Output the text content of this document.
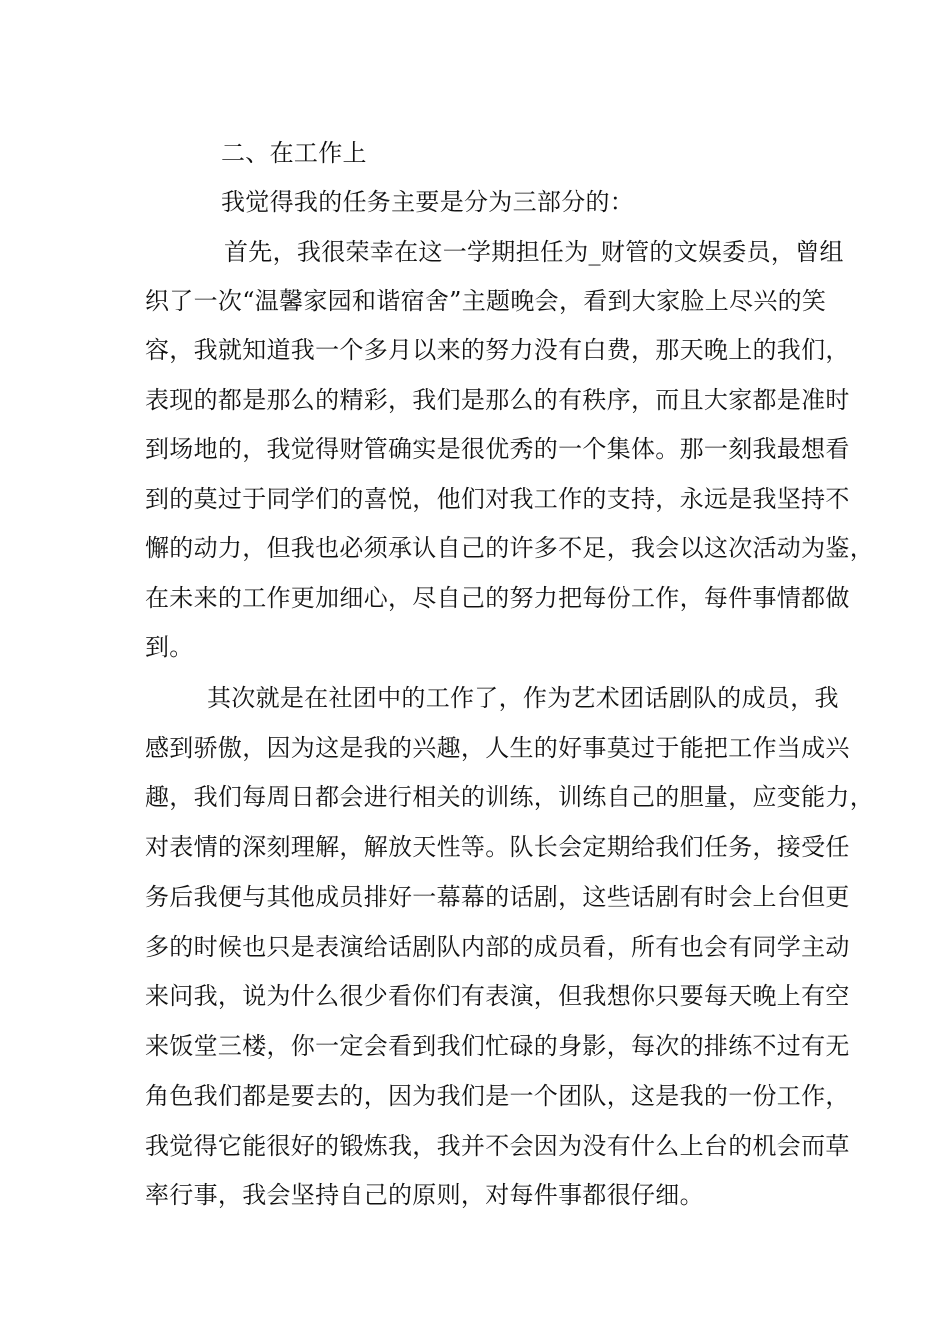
二、在工作上
我觉得我的任务主要是分为三部分的：
首先，我很荣幸在这一学期担任为_财管的文娱委员，曾组
织了一次“温馨家园和谐宿舍”主题晚会，看到大家脸上尽兴的笑
容，我就知道我一个多月以来的努力没有白费，那天晚上的我们，
表现的都是那么的精彩，我们是那么的有秩序，而且大家都是准时
到场地的，我觉得财管确实是很优秀的一个集体。那一刻我最想看
到的莫过于同学们的喜悦，他们对我工作的支持，永远是我坚持不
懈的动力，但我也必须承认自己的许多不足，我会以这次活动为鉴，
在未来的工作更加细心，尽自己的努力把每份工作，每件事情都做
到。
其次就是在社团中的工作了，作为艺术团话剧队的成员，我
感到骄傲，因为这是我的兴趣，人生的好事莫过于能把工作当成兴
趣，我们每周日都会进行相关的训练，训练自己的胆量，应变能力，
对表情的深刻理解，解放天性等。队长会定期给我们任务，接受任
务后我便与其他成员排好一幕幕的话剧，这些话剧有时会上台但更
多的时候也只是表演给话剧队内部的成员看，所有也会有同学主动
来问我，说为什么很少看你们有表演，但我想你只要每天晚上有空
来饭堂三楼，你一定会看到我们忙碌的身影，每次的排练不过有无
角色我们都是要去的，因为我们是一个团队，这是我的一份工作，
我觉得它能很好的锻炼我，我并不会因为没有什么上台的机会而草
率行事，我会坚持自己的原则，对每件事都很仔细。
